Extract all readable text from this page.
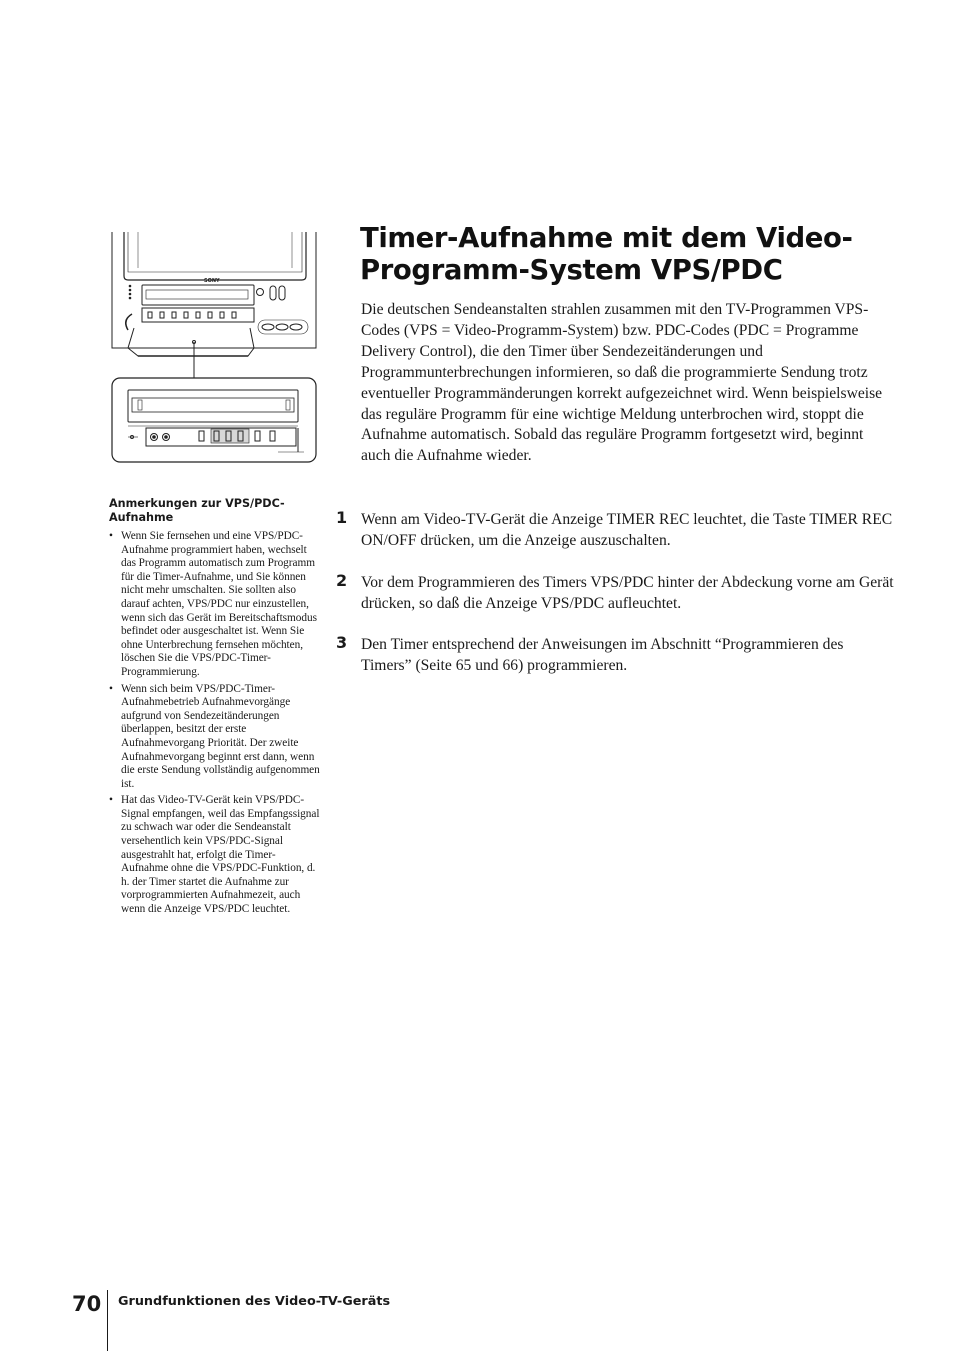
SONY

Anmerkungen zur VPS/PDC-Aufnahme

• Wenn Sie fernsehen und eine VPS/PDC-Aufnahme programmiert haben, wechselt das Programm automatisch zum Programm für die Timer-Aufnahme, und Sie können nicht mehr umschalten. Sie sollten also darauf achten, VPS/PDC nur einzustellen, wenn sich das Gerät im Bereitschaftsmodus befindet oder ausgeschaltet ist. Wenn Sie ohne Unterbrechung fernsehen möchten, löschen Sie die VPS/PDC-Timer-Programmierung.
• Wenn sich beim VPS/PDC-Timer-Aufnahmebetrieb Aufnahmevorgänge aufgrund von Sendezeitänderungen überlappen, besitzt der erste Aufnahmevorgang Priorität. Der zweite Aufnahmevorgang beginnt erst dann, wenn die erste Sendung vollständig aufgenommen ist.
• Hat das Video-TV-Gerät kein VPS/PDC-Signal empfangen, weil das Empfangssignal zu schwach war oder die Sendeanstalt versehentlich kein VPS/PDC-Signal ausgestrahlt hat, erfolgt die Timer-Aufnahme ohne die VPS/PDC-Funktion, d. h. der Timer startet die Aufnahme zur vorprogrammierten Aufnahmezeit, auch wenn die Anzeige VPS/PDC leuchtet.
Timer-Aufnahme mit dem Video-Programm-System VPS/PDC

Die deutschen Sendeanstalten strahlen zusammen mit den TV-Programmen VPS-Codes (VPS = Video-Programm-System) bzw. PDC-Codes (PDC = Programme Delivery Control), die den Timer über Sendezeitänderungen und Programmunterbrechungen informieren, so daß die programmierte Sendung trotz eventueller Programmänderungen korrekt aufgezeichnet wird. Wenn beispielsweise das reguläre Programm für eine wichtige Meldung unterbrochen wird, stoppt die Aufnahme automatisch. Sobald das reguläre Programm fortgesetzt wird, beginnt auch die Aufnahme wieder.

1 Wenn am Video-TV-Gerät die Anzeige TIMER REC leuchtet, die Taste TIMER REC ON/OFF drücken, um die Anzeige auszuschalten.
2 Vor dem Programmieren des Timers VPS/PDC hinter der Abdeckung vorne am Gerät drücken, so daß die Anzeige VPS/PDC aufleuchtet.
3 Den Timer entsprechend der Anweisungen im Abschnitt “Programmieren des Timers” (Seite 65 und 66) programmieren.

70 Grundfunktionen des Video-TV-Geräts
